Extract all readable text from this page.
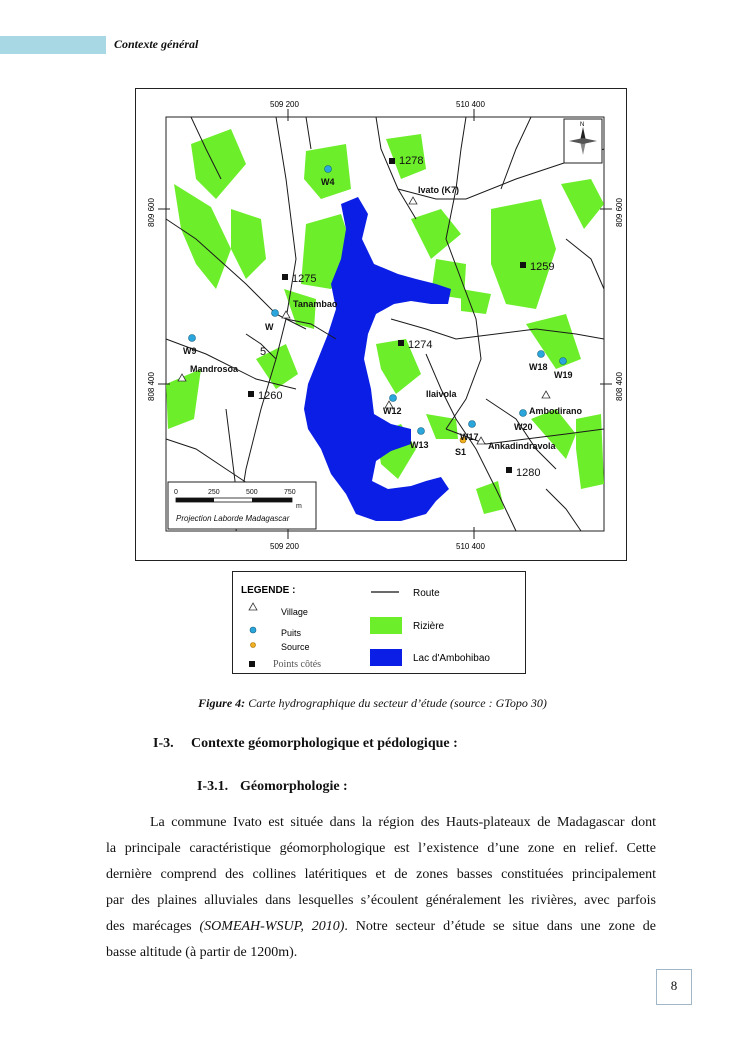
Contexte général
509 200	510 400
509 200	510 400
809 600
808 400
809 600
808 400
N
1278
1275
1259
1274
1260
1280
Ivato (K7)
Tanambao
Mandrosoa
Ilaivola
Ambodirano
Ankadindravola
W4
W
5
W9
W18
W19
W12
W20
W13
W17
S1
0	250	500	750
m
Projection Laborde Madagascar
LEGENDE :
Village
Puits
Source
Points côtés
Route
Rizière
Lac d'Ambohibao
Figure 4: Carte hydrographique du secteur d’étude (source : GTopo 30)
I-3. Contexte géomorphologique et pédologique :
I-3.1. Géomorphologie :
La commune Ivato est située dans la région des Hauts-plateaux de Madagascar dont
la principale caractéristique géomorphologique est l’existence d’une zone en relief. Cette
dernière comprend des collines latéritiques et de zones basses constituées principalement
par des plaines alluviales dans lesquelles s’écoulent généralement les rivières, avec parfois
des marécages (SOMEAH-WSUP, 2010). Notre secteur d’étude se situe dans une zone de
basse altitude (à partir de 1200m).
8
